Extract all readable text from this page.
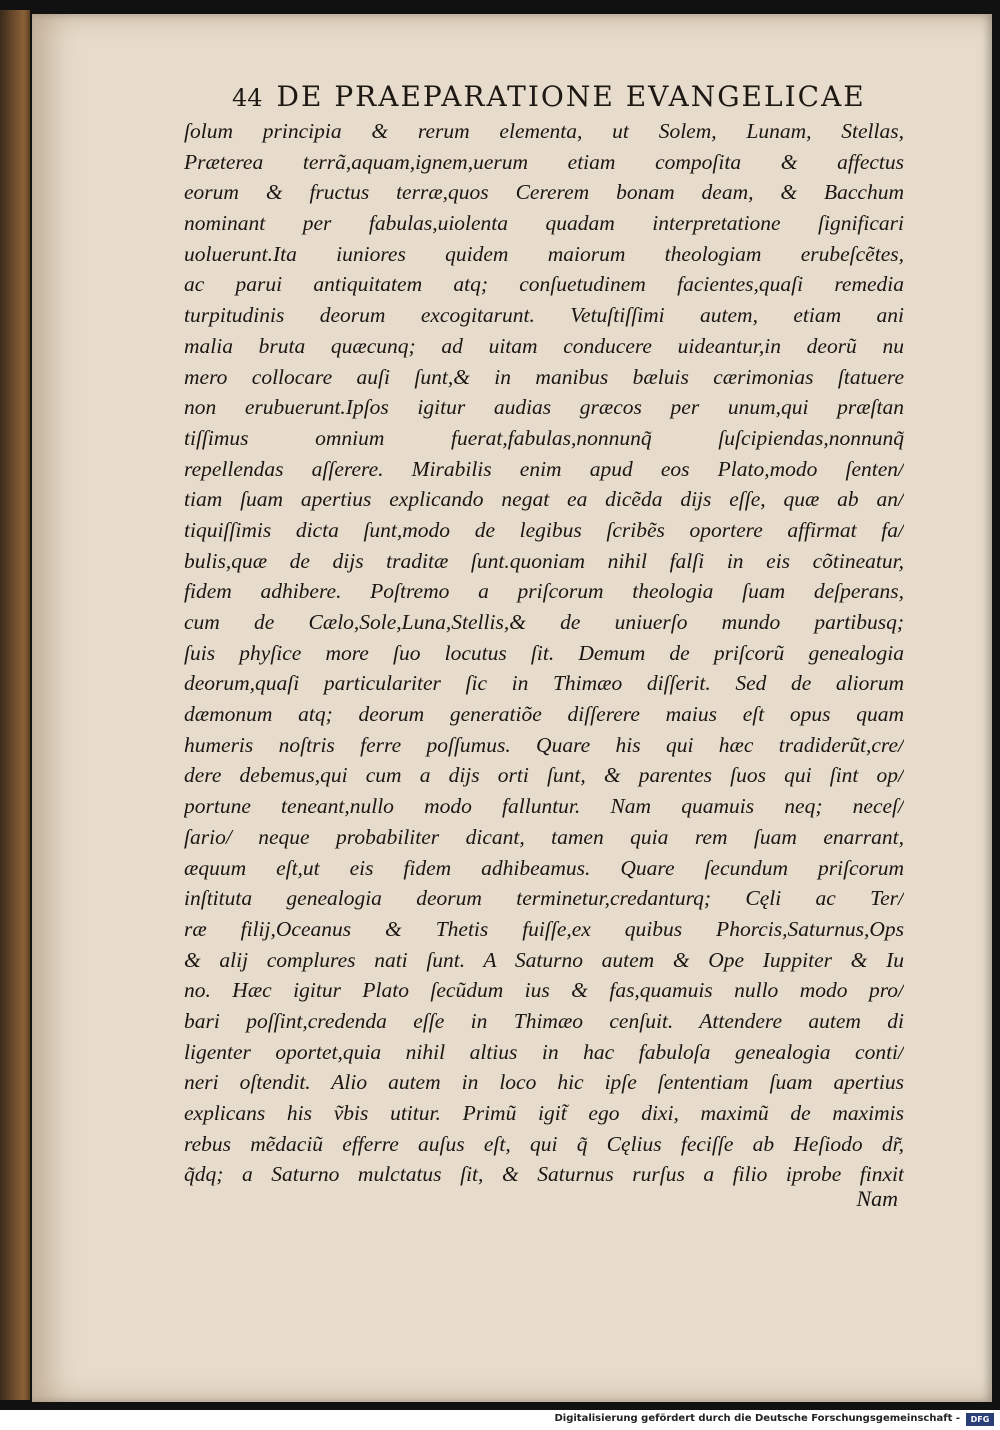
44 DE PRAEPARATIONE EVANGELICAE
ſolum principia & rerum elementa, ut Solem, Lunam, Stellas,
Præterea terrã,aquam,ignem,uerum etiam compoſita & affectus
eorum & fructus terræ,quos Cererem bonam deam, & Bacchum
nominant per fabulas,uiolenta quadam interpretatione ſignificari
uoluerunt.Ita iuniores quidem maiorum theologiam erubeſcẽtes,
ac parui antiquitatem atq; conſuetudinem facientes,quaſi remedia
turpitudinis deorum excogitarunt. Vetuſtiſſimi autem, etiam ani
malia bruta quæcunq; ad uitam conducere uideantur,in deorũ nu
mero collocare auſi ſunt,& in manibus bæluis cærimonias ſtatuere
non erubuerunt.Ipſos igitur audias græcos per unum,qui præſtan
tiſſimus omnium fuerat,fabulas,nonnunq̃ ſuſcipiendas,nonnunq̃
repellendas aſſerere. Mirabilis enim apud eos Plato,modo ſenten/
tiam ſuam apertius explicando negat ea dicẽda dijs eſſe, quæ ab an/
tiquiſſimis dicta ſunt,modo de legibus ſcribẽs oportere affirmat fa/
bulis,quæ de dijs traditæ ſunt.quoniam nihil falſi in eis cõtineatur,
fidem adhibere. Poſtremo a priſcorum theologia ſuam deſperans,
cum de Cælo,Sole,Luna,Stellis,& de uniuerſo mundo partibusq;
ſuis phyſice more ſuo locutus ſit. Demum de priſcorũ genealogia
deorum,quaſi particulariter ſic in Thimæo diſſerit. Sed de aliorum
dæmonum atq; deorum generatiõe diſſerere maius eſt opus quam
humeris noſtris ferre poſſumus. Quare his qui hæc tradiderũt,cre/
dere debemus,qui cum a dijs orti ſunt, & parentes ſuos qui ſint op/
portune teneant,nullo modo falluntur. Nam quamuis neq; neceſ/
ſario/ neque probabiliter dicant, tamen quia rem ſuam enarrant,
æquum eſt,ut eis fidem adhibeamus. Quare ſecundum priſcorum
inſtituta genealogia deorum terminetur,credanturq; Cęli ac Ter/
ræ filij,Oceanus & Thetis fuiſſe,ex quibus Phorcis,Saturnus,Ops
& alij complures nati ſunt. A Saturno autem & Ope Iuppiter & Iu
no. Hæc igitur Plato ſecũdum ius & fas,quamuis nullo modo pro/
bari poſſint,credenda eſſe in Thimæo cenſuit. Attendere autem di
ligenter oportet,quia nihil altius in hac fabuloſa genealogia conti/
neri oſtendit. Alio autem in loco hic ipſe ſententiam ſuam apertius
explicans his ṽbis utitur. Primũ igit̃ ego dixi, maximũ de maximis
rebus mẽdaciũ efferre auſus eſt, qui q̃ Cęlius feciſſe ab Heſiodo dr̃,
q̃dq; a Saturno mulctatus ſit, & Saturnus rurſus a filio iprobe finxit
Nam
Digitalisierung gefördert durch die Deutsche Forschungsgemeinschaft -	DFG
